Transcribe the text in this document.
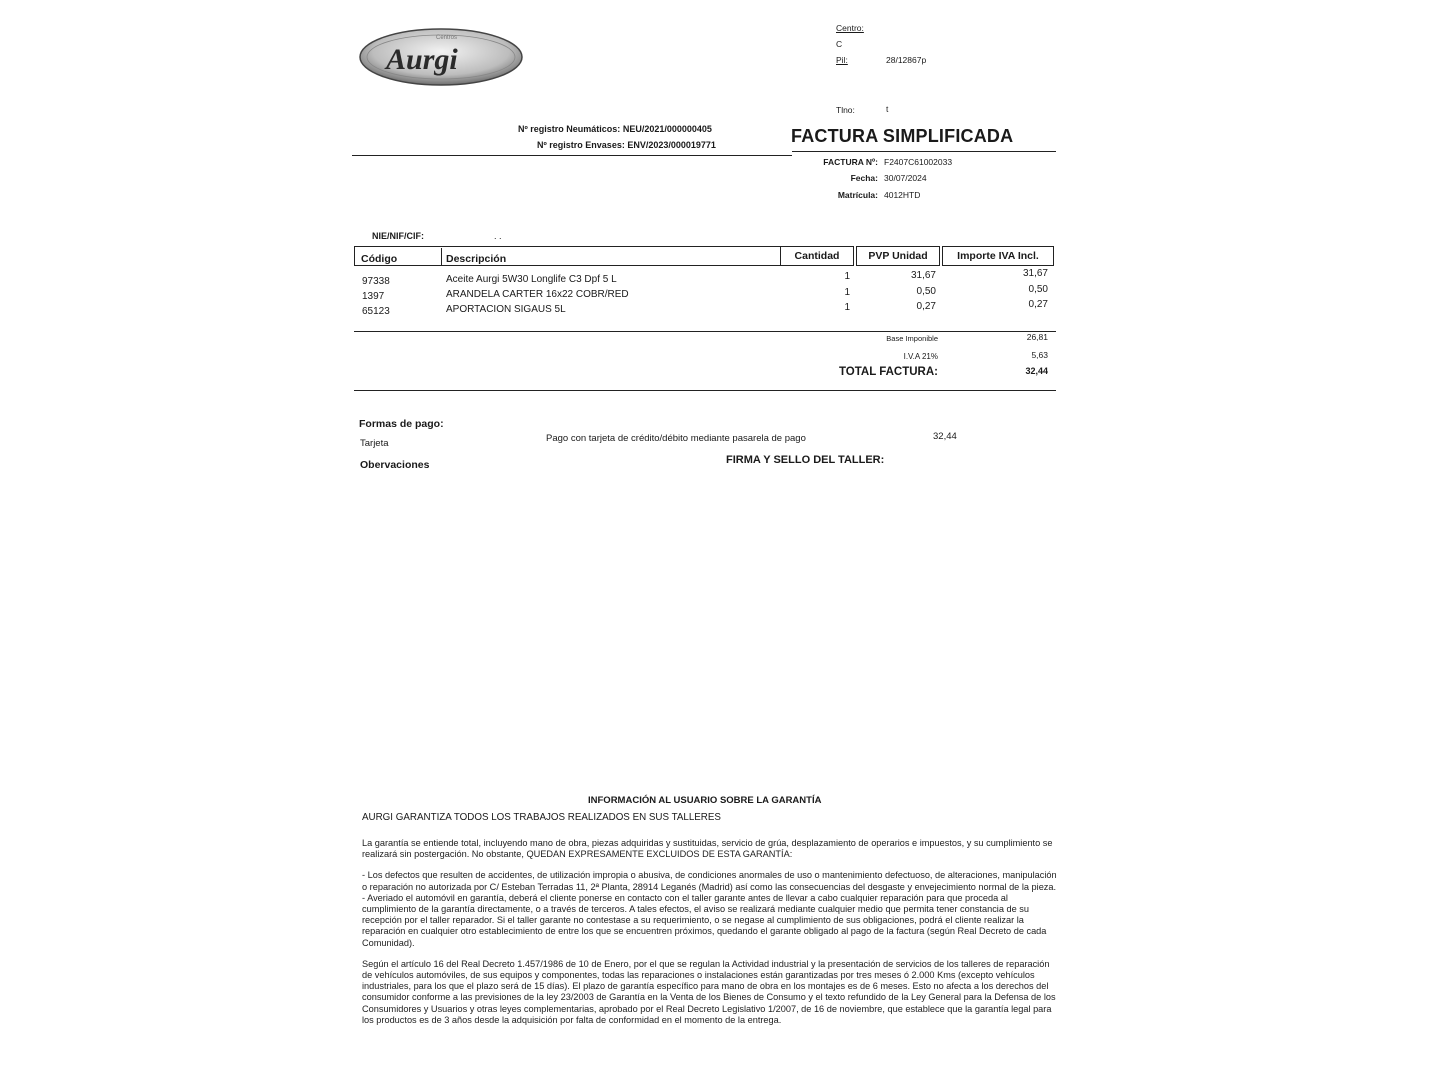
Centros
Aurgi
Centro:
C
Pil:	28/12867p
Tlno:	t
Nº registro Neumáticos: NEU/2021/000000405
Nº registro Envases: ENV/2023/000019771	FACTURA SIMPLIFICADA
FACTURA Nº: F2407C61002033
Fecha: 30/07/2024
Matrícula: 4012HTD
NIE/NIF/CIF:	. .
Código	Descripción	Cantidad	PVP Unidad	Importe IVA Incl.
97338	Aceite Aurgi 5W30 Longlife C3 Dpf 5 L	1	31,67	31,67
1397	ARANDELA CARTER 16x22 COBR/RED	1	0,50	0,50
65123	APORTACION SIGAUS 5L	1	0,27	0,27
Base Imponible	26,81
I.V.A 21%	5,63
TOTAL FACTURA:	32,44
Formas de pago:
Tarjeta	Pago con tarjeta de crédito/débito mediante pasarela de pago	32,44
Obervaciones	FIRMA Y SELLO DEL TALLER:
INFORMACIÓN AL USUARIO SOBRE LA GARANTÍA
AURGI GARANTIZA TODOS LOS TRABAJOS REALIZADOS EN SUS TALLERES

La garantía se entiende total, incluyendo mano de obra, piezas adquiridas y sustituidas, servicio de grúa, desplazamiento de operarios e impuestos, y su cumplimiento se realizará sin postergación. No obstante, QUEDAN EXPRESAMENTE EXCLUIDOS DE ESTA GARANTÍA:

- Los defectos que resulten de accidentes, de utilización impropia o abusiva, de condiciones anormales de uso o mantenimiento defectuoso, de alteraciones, manipulación o reparación no autorizada por C/ Esteban Terradas 11, 2ª Planta, 28914 Leganés (Madrid) así como las consecuencias del desgaste y envejecimiento normal de la pieza.

- Averiado el automóvil en garantía, deberá el cliente ponerse en contacto con el taller garante antes de llevar a cabo cualquier reparación para que proceda al cumplimiento de la garantía directamente, o a través de terceros. A tales efectos, el aviso se realizará mediante cualquier medio que permita tener constancia de su recepción por el taller reparador. Si el taller garante no contestase a su requerimiento, o se negase al cumplimiento de sus obligaciones, podrá el cliente realizar la reparación en cualquier otro establecimiento de entre los que se encuentren próximos, quedando el garante obligado al pago de la factura (según Real Decreto de cada Comunidad).

Según el artículo 16 del Real Decreto 1.457/1986 de 10 de Enero, por el que se regulan la Actividad industrial y la presentación de servicios de los talleres de reparación de vehículos automóviles, de sus equipos y componentes, todas las reparaciones o instalaciones están garantizadas por tres meses ó 2.000 Kms (excepto vehículos industriales, para los que el plazo será de 15 días). El plazo de garantía específico para mano de obra en los montajes es de 6 meses. Esto no afecta a los derechos del consumidor conforme a las previsiones de la ley 23/2003 de Garantía en la Venta de los Bienes de Consumo y el texto refundido de la Ley General para la Defensa de los Consumidores y Usuarios y otras leyes complementarias, aprobado por el Real Decreto Legislativo 1/2007, de 16 de noviembre, que establece que la garantía legal para los productos es de 3 años desde la adquisición por falta de conformidad en el momento de la entrega.
